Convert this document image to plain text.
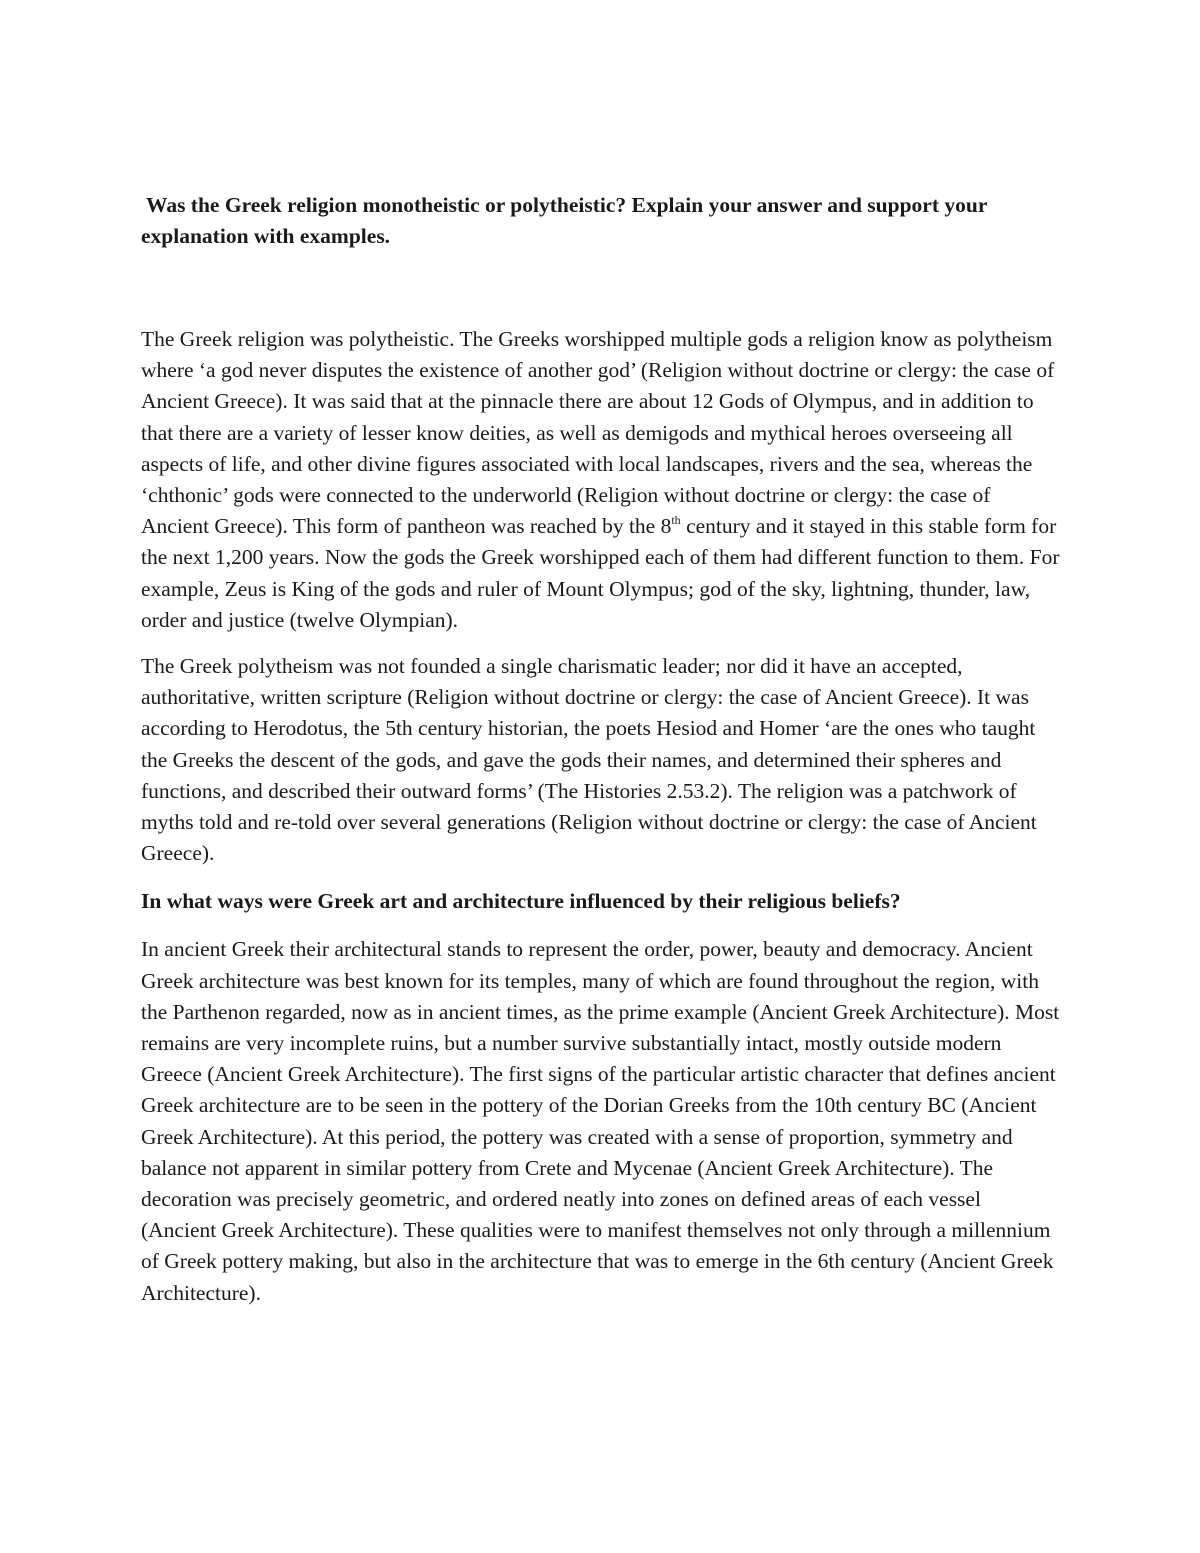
Was the Greek religion monotheistic or polytheistic? Explain your answer and support your explanation with examples.

The Greek religion was polytheistic. The Greeks worshipped multiple gods a religion know as polytheism where ‘a god never disputes the existence of another god’ (Religion without doctrine or clergy: the case of Ancient Greece). It was said that at the pinnacle there are about 12 Gods of Olympus, and in addition to that there are a variety of lesser know deities, as well as demigods and mythical heroes overseeing all aspects of life, and other divine figures associated with local landscapes, rivers and the sea, whereas the ‘chthonic’ gods were connected to the underworld (Religion without doctrine or clergy: the case of Ancient Greece). This form of pantheon was reached by the 8th century and it stayed in this stable form for the next 1,200 years. Now the gods the Greek worshipped each of them had different function to them. For example, Zeus is King of the gods and ruler of Mount Olympus; god of the sky, lightning, thunder, law, order and justice (twelve Olympian).

The Greek polytheism was not founded a single charismatic leader; nor did it have an accepted, authoritative, written scripture (Religion without doctrine or clergy: the case of Ancient Greece). It was according to Herodotus, the 5th century historian, the poets Hesiod and Homer ‘are the ones who taught the Greeks the descent of the gods, and gave the gods their names, and determined their spheres and functions, and described their outward forms’ (The Histories 2.53.2). The religion was a patchwork of myths told and re-told over several generations (Religion without doctrine or clergy: the case of Ancient Greece).

In what ways were Greek art and architecture influenced by their religious beliefs?

In ancient Greek their architectural stands to represent the order, power, beauty and democracy. Ancient Greek architecture was best known for its temples, many of which are found throughout the region, with the Parthenon regarded, now as in ancient times, as the prime example (Ancient Greek Architecture). Most remains are very incomplete ruins, but a number survive substantially intact, mostly outside modern Greece (Ancient Greek Architecture). The first signs of the particular artistic character that defines ancient Greek architecture are to be seen in the pottery of the Dorian Greeks from the 10th century BC (Ancient Greek Architecture). At this period, the pottery was created with a sense of proportion, symmetry and balance not apparent in similar pottery from Crete and Mycenae (Ancient Greek Architecture). The decoration was precisely geometric, and ordered neatly into zones on defined areas of each vessel (Ancient Greek Architecture). These qualities were to manifest themselves not only through a millennium of Greek pottery making, but also in the architecture that was to emerge in the 6th century (Ancient Greek Architecture).
